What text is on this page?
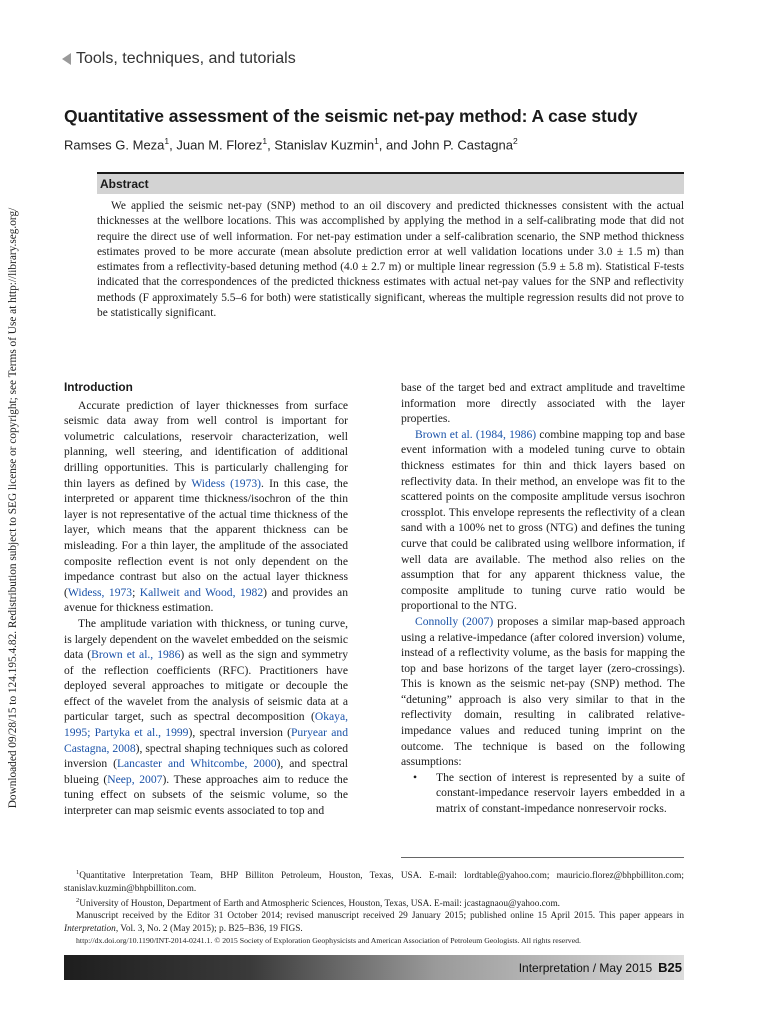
Tools, techniques, and tutorials
Quantitative assessment of the seismic net-pay method: A case study
Ramses G. Meza$^1$, Juan M. Florez$^1$, Stanislav Kuzmin$^1$, and John P. Castagna$^2$
Downloaded 09/28/15 to 124.195.4.82. Redistribution subject to SEG license or copyright; see Terms of Use at http://library.seg.org/
Abstract

We applied the seismic net-pay (SNP) method to an oil discovery and predicted thicknesses consistent with the actual thicknesses at the wellbore locations. This was accomplished by applying the method in a self-calibrating mode that did not require the direct use of well information. For net-pay estimation under a self-calibration scenario, the SNP method thickness estimates proved to be more accurate (mean absolute prediction error at well validation locations under 3.0 ± 1.5 m) than estimates from a reflectivity-based detuning method (4.0 ± 2.7 m) or multiple linear regression (5.9 ± 5.8 m). Statistical F-tests indicated that the correspondences of the predicted thickness estimates with actual net-pay values for the SNP and reflectivity methods (F approximately 5.5–6 for both) were statistically significant, whereas the multiple regression results did not prove to be statistically significant.

Introduction

Accurate prediction of layer thicknesses from surface seismic data away from well control is important for volumetric calculations, reservoir characterization, well planning, well steering, and identification of additional drilling opportunities. This is particularly challenging for thin layers as defined by Widess (1973). In this case, the interpreted or apparent time thickness/isochron of the thin layer is not representative of the actual time thickness of the layer, which means that the apparent thickness can be misleading. For a thin layer, the amplitude of the associated composite reflection event is not only dependent on the impedance contrast but also on the actual layer thickness (Widess, 1973; Kallweit and Wood, 1982) and provides an avenue for thickness estimation.

The amplitude variation with thickness, or tuning curve, is largely dependent on the wavelet embedded on the seismic data (Brown et al., 1986) as well as the sign and symmetry of the reflection coefficients (RFC). Practitioners have deployed several approaches to mitigate or decouple the effect of the wavelet from the analysis of seismic data at a particular target, such as spectral decomposition (Okaya, 1995; Partyka et al., 1999), spectral inversion (Puryear and Castagna, 2008), spectral shaping techniques such as colored inversion (Lancaster and Whitcombe, 2000), and spectral blueing (Neep, 2007). These approaches aim to reduce the tuning effect on subsets of the seismic volume, so the interpreter can map seismic events associated to top and

base of the target bed and extract amplitude and traveltime information more directly associated with the layer properties.

Brown et al. (1984, 1986) combine mapping top and base event information with a modeled tuning curve to obtain thickness estimates for thin and thick layers based on reflectivity data. In their method, an envelope was fit to the scattered points on the composite amplitude versus isochron crossplot. This envelope represents the reflectivity of a clean sand with a 100% net to gross (NTG) and defines the tuning curve that could be calibrated using wellbore information, if well data are available. The method also relies on the assumption that for any apparent thickness value, the composite amplitude to tuning curve ratio would be proportional to the NTG.

Connolly (2007) proposes a similar map-based approach using a relative-impedance (after colored inversion) volume, instead of a reflectivity volume, as the basis for mapping the top and base horizons of the target layer (zero-crossings). This is known as the seismic net-pay (SNP) method. The “detuning” approach is also very similar to that in the reflectivity domain, resulting in calibrated relative-impedance values and reduced tuning imprint on the outcome. The technique is based on the following assumptions:

• The section of interest is represented by a suite of constant-impedance reservoir layers embedded in a matrix of constant-impedance nonreservoir rocks.

$^1$Quantitative Interpretation Team, BHP Billiton Petroleum, Houston, Texas, USA. E-mail: lordtable@yahoo.com; mauricio.florez@bhpbilliton.com; stanislav.kuzmin@bhpbilliton.com.

$^2$University of Houston, Department of Earth and Atmospheric Sciences, Houston, Texas, USA. E-mail: jcastagnaou@yahoo.com.

Manuscript received by the Editor 31 October 2014; revised manuscript received 29 January 2015; published online 15 April 2015. This paper appears in Interpretation, Vol. 3, No. 2 (May 2015); p. B25–B36, 19 FIGS.

http://dx.doi.org/10.1190/INT-2014-0241.1. © 2015 Society of Exploration Geophysicists and American Association of Petroleum Geologists. All rights reserved.

Interpretation / May 2015 B25
